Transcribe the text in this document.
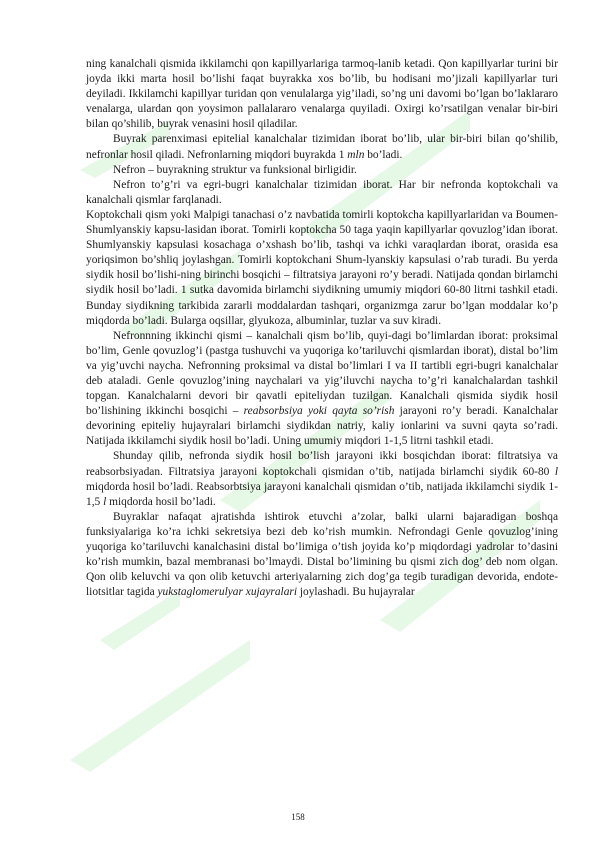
ning kanalchali qismida ikkilamchi qon kapillyarlariga tarmoq-lanib ketadi. Qon kapillyarlar turini bir joyda ikki marta hosil bo’lishi faqat buyrakka xos bo’lib, bu hodisani mo’jizali kapillyarlar turi deyiladi. Ikkilamchi kapillyar turidan qon venulalarga yig’iladi, so’ng uni davomi bo’lgan bo’laklararo venalarga, ulardan qon yoysimon pallalararo venalarga quyiladi. Oxirgi ko’rsatilgan venalar bir-biri bilan qo’shilib, buyrak venasini hosil qiladilar.

Buyrak parenximasi epitelial kanalchalar tizimidan iborat bo’lib, ular bir-biri bilan qo’shilib, nefronlar hosil qiladi. Nefronlarning miqdori buyrakda 1 mln bo’ladi.

Nefron – buyrakning struktur va funksional birligidir.

Nefron to’g’ri va egri-bugri kanalchalar tizimidan iborat. Har bir nefronda koptokchali va kanalchali qismlar farqlanadi.

Koptokchali qism yoki Malpigi tanachasi o’z navbatida tomirli koptokcha kapillyarlaridan va Boumen-Shumlyanskiy kapsu-lasidan iborat. Tomirli koptokcha 50 taga yaqin kapillyarlar qovuzlog’idan iborat. Shumlyanskiy kapsulasi kosachaga o’xshash bo’lib, tashqi va ichki varaqlardan iborat, orasida esa yoriqsimon bo’shliq joylashgan. Tomirli koptokchani Shum-lyanskiy kapsulasi o’rab turadi. Bu yerda siydik hosil bo’lishi-ning birinchi bosqichi – filtratsiya jarayoni ro’y beradi. Natijada qondan birlamchi siydik hosil bo’ladi. 1 sutka davomida birlamchi siydikning umumiy miqdori 60-80 litrni tashkil etadi. Bunday siydikning tarkibida zararli moddalardan tashqari, organizmga zarur bo’lgan moddalar ko’p miqdorda bo’ladi. Bularga oqsillar, glyukoza, albuminlar, tuzlar va suv kiradi.

Nefronnning ikkinchi qismi – kanalchali qism bo’lib, quyi-dagi bo’limlardan iborat: proksimal bo’lim, Genle qovuzlog’i (pastga tushuvchi va yuqoriga ko’tariluvchi qismlardan iborat), distal bo’lim va yig’uvchi naycha. Nefronning proksimal va distal bo’limlari I va II tartibli egri-bugri kanalchalar deb ataladi. Genle qovuzlog’ining naychalari va yig’iluvchi naycha to’g’ri kanalchalardan tashkil topgan. Kanalchalarni devori bir qavatli epiteliydan tuzilgan. Kanalchali qismida siydik hosil bo’lishining ikkinchi bosqichi – reabsorbsiya yoki qayta so’rish jarayoni ro’y beradi. Kanalchalar devorining epiteliy hujayralari birlamchi siydikdan natriy, kaliy ionlarini va suvni qayta so’radi. Natijada ikkilamchi siydik hosil bo’ladi. Uning umumiy miqdori 1-1,5 litrni tashkil etadi.

Shunday qilib, nefronda siydik hosil bo’lish jarayoni ikki bosqichdan iborat: filtratsiya va reabsorbsiyadan. Filtratsiya jarayoni koptokchali qismidan o’tib, natijada birlamchi siydik 60-80 l miqdorda hosil bo’ladi. Reabsorbtsiya jarayoni kanalchali qismidan o’tib, natijada ikkilamchi siydik 1-1,5 l miqdorda hosil bo’ladi.

Buyraklar nafaqat ajratishda ishtirok etuvchi a’zolar, balki ularni bajaradigan boshqa funksiyalariga ko’ra ichki sekretsiya bezi deb ko’rish mumkin. Nefrondagi Genle qovuzlog’ining yuqoriga ko’tariluvchi kanalchasini distal bo’limiga o’tish joyida ko’p miqdordagi yadrolar to’dasini ko’rish mumkin, bazal membranasi bo’lmaydi. Distal bo’limining bu qismi zich dog’ deb nom olgan. Qon olib keluvchi va qon olib ketuvchi arteriyalarning zich dog’ga tegib turadigan devorida, endote-liotsitlar tagida yukstaglomerulyar xujayralari joylashadi. Bu hujayralar

158
